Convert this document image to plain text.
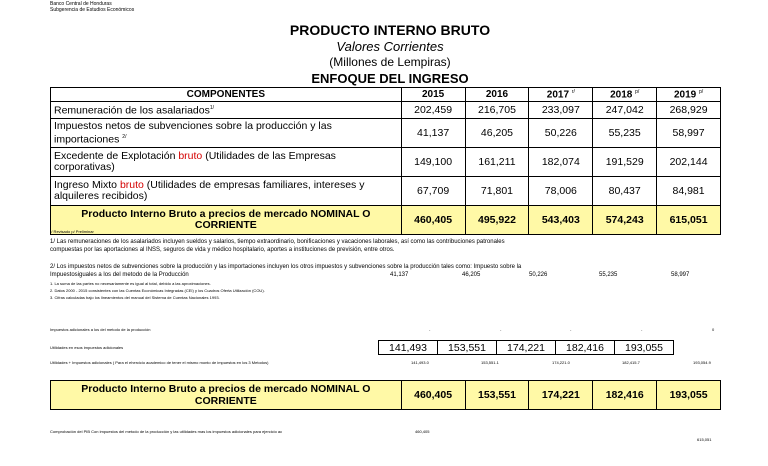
Banco Central de Honduras
Subgerencia de Estudios Económicos
PRODUCTO INTERNO BRUTO
Valores Corrientes
(Millones de Lempiras)
ENFOQUE DEL INGRESO
COMPONENTES	2015	2016	2017 $^{r/}$	2018 $^{p/}$	2019 $^{p/}$
Remuneración de los asalariados$^{1/}$	202,459	216,705	233,097	247,042	268,929
Impuestos netos de subvenciones sobre la producción y las importaciones $^{2/}$	41,137	46,205	50,226	55,235	58,997
Excedente de Explotación bruto (Utilidades de las Empresas corporativas)	149,100	161,211	182,074	191,529	202,144
Ingreso Mixto bruto (Utilidades de empresas familiares, intereses y alquileres recibidos)	67,709	71,801	78,006	80,437	84,981
Producto Interno Bruto a precios de mercado NOMINAL O CORRIENTE	460,405	495,922	543,403	574,243	615,051
r/ Revisado p/ Preliminar
1/ Las remuneraciones de los asalariados incluyen sueldos y salarios, tiempo extraordinario, bonificaciones y vacaciones laborales, así como las contribuciones patronales
compuestas por las aportaciones al INSS, seguros de vida y médico hospitalario, aportes a instituciones de previsión, entre otros.
2/ Los impuestos netos de subvenciones sobre la producción y las importaciones incluyen los otros impuestos y subvenciones sobre la producción tales como: Impuesto sobre la
Impuestosiguales a los del metodo de la Producción	41,137	46,205	50,226	55,235	58,997
1. La suma de las partes no necesariamente es igual al total, debido a las aproximaciones.
2. Datos 2000 - 2015 consistentes con las Cuentas Económicas Integradas (CEI) y los Cuadros Oferta Utilización (COU).
3. Cifras calculadas bajo los lineamientos del manual del Sistema de Cuentas Nacionales 1993.
Impuestos adicionales a los del metodo de la producción	-	-	-	-	0
Utilidades en esos impuestos adicionales	141,493	153,551	174,221	182,416	193,055
Utilidades + Impuestos adicionales ( Para el ehercicio academico de tener el mismo monto de impuestos en los 3 Metodos)	141,493.0	153,551.1	174,221.0	182,415.7	193,054.9
Producto Interno Bruto a precios de mercado NOMINAL O CORRIENTE	460,405	153,551	174,221	182,416	193,055
Comprobación del PIB Con impuestos del metodo de la producción y las utilidades mas los impuestos adicionales para ejercicio ac	460,405
615,051
